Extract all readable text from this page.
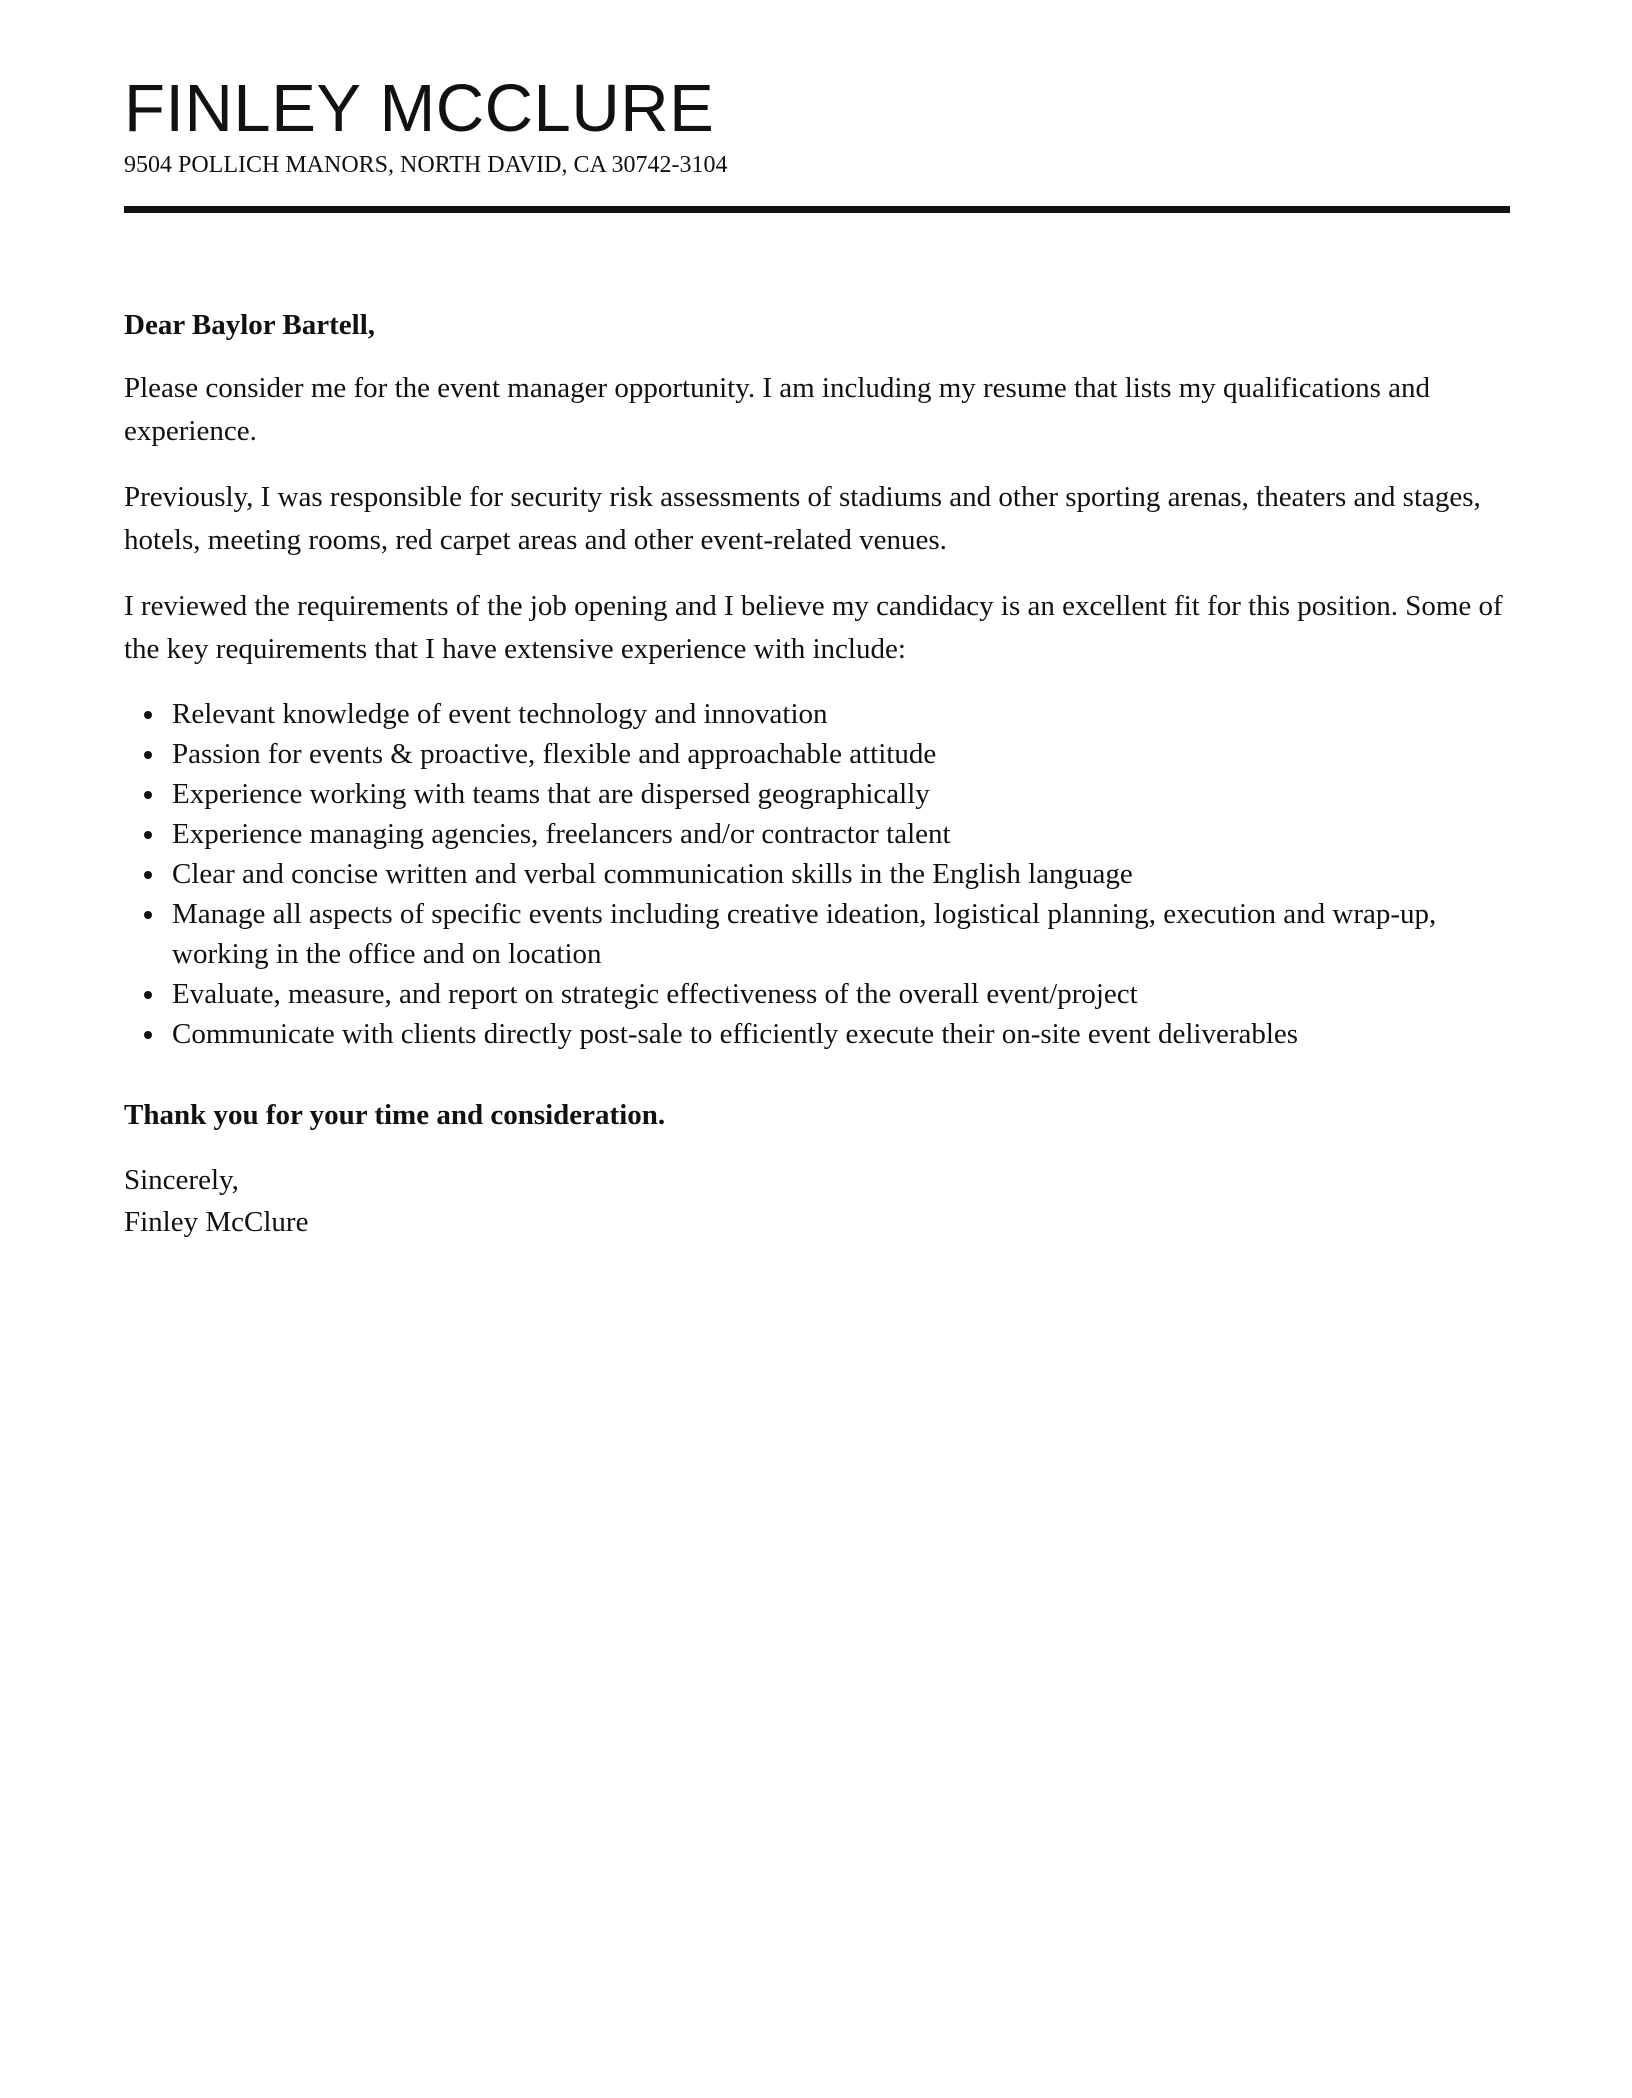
FINLEY MCCLURE
9504 POLLICH MANORS, NORTH DAVID, CA 30742-3104

Dear Baylor Bartell,

Please consider me for the event manager opportunity. I am including my resume that lists my qualifications and experience.

Previously, I was responsible for security risk assessments of stadiums and other sporting arenas, theaters and stages, hotels, meeting rooms, red carpet areas and other event-related venues.

I reviewed the requirements of the job opening and I believe my candidacy is an excellent fit for this position. Some of the key requirements that I have extensive experience with include:

Relevant knowledge of event technology and innovation
Passion for events & proactive, flexible and approachable attitude
Experience working with teams that are dispersed geographically
Experience managing agencies, freelancers and/or contractor talent
Clear and concise written and verbal communication skills in the English language
Manage all aspects of specific events including creative ideation, logistical planning, execution and wrap-up, working in the office and on location
Evaluate, measure, and report on strategic effectiveness of the overall event/project
Communicate with clients directly post-sale to efficiently execute their on-site event deliverables

Thank you for your time and consideration.

Sincerely,
Finley McClure
